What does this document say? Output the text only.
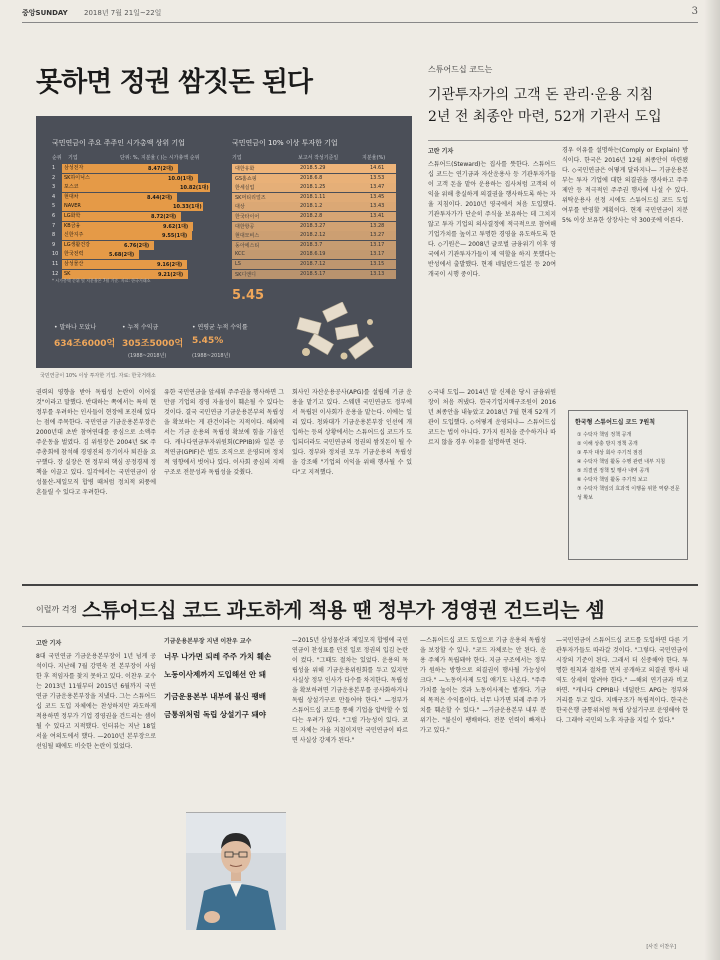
중앙SUNDAY 2018년 7월 21일~22일	3
못하면 정권 쌈짓돈 된다	스튜어드십 코드는
기관투자가의 고객 돈 관리·운용 지침
2년 전 최종안 마련, 52개 기관서 도입
국민연금이 주요 주주인 시가총액 상위 기업
순위 기업	단위: %, 지분율 ( )는 시가총액 순위
1	삼성전자	8.47(2대)
2	SK하이닉스	10.0(1대)
3	포스코	10.82(1대)
4	현대차	8.44(2대)
5	NAVER	10.33(1대)
6	LG화학	8.72(2대)
7	KB금융	9.62(1대)
8	신한지주	9.55(1대)
9	LG생활건강	6.76(2대)
10	한국전력	5.68(2대)
11	삼성물산	9.16(2대)
12	SK	9.21(2대)
* 시가총액 순위 및 지분율은 7월 기준. 자료: 한국거래소
국민연금이 10% 이상 투자한 기업
기업	보고서 작성기준일	지분율(%)
대한유화	2018.5.29	14.61
GS홈쇼핑	2018.6.8	13.53
한세실업	2018.1.25	13.47
SK머티리얼즈	2018.1.11	13.45
대상	2018.1.2	13.43
한국타이어	2018.2.8	13.41
대한항공	2018.3.27	13.28
현대모비스	2018.2.12	13.27
동아에스티	2018.3.7	13.17
KCC	2018.6.19	13.17
LS	2018.7.12	13.15
SK디앤디	2018.5.17	13.13
• 말하나 모았나
634조6000억
• 누적 수익금
305조5000억
(1988~2018년)
• 연평균 누적 수익률
5.45%
(1988~2018년)
5.45
국민연금이 10% 이상 투자한 기업. 자료: 한국거래소
고란 기자
스튜어드(Steward)는 집사를 뜻한다. 스튜어드십 코드는 연기금과 자산운용사 등 기관투자가들이 고객 돈을 맡아 운용하는 집사처럼 고객의 이익을 위해 충실하게 의결권을 행사하도록 하는 자율 지침이다. 2010년 영국에서 처음 도입했다. 기관투자가가 단순히 주식을 보유하는 데 그치지 않고 투자 기업의 의사결정에 적극적으로 참여해 기업가치를 높이고 투명한 경영을 유도하도록 한다. ◇기원은— 2008년 글로벌 금융위기 이후 영국에서 기관투자가들이 제 역할을 하지 못했다는 반성에서 출발했다. 현재 네덜란드·일본 등 20여 개국이 시행 중이다.
경우 이유를 설명하는(Comply or Explain) 방식이다. 한국은 2016년 12월 최종안이 마련됐다. ◇국민연금은 어떻게 달라지나— 기금운용본부는 투자 기업에 대한 의결권을 행사하고 주주제안 등 적극적인 주주권 행사에 나설 수 있다. 위탁운용사 선정 시에도 스튜어드십 코드 도입 여부를 반영할 계획이다. 현재 국민연금이 지분 5% 이상 보유한 상장사는 약 300곳에 이른다.
권력의 영향을 받아 독립성 논란이 이어질 것"이라고 말했다. 반대하는 쪽에서는 특히 현 정부를 우려하는 인사들이 현장에 포진해 있다는 점에 주목한다. 국민연금 기금운용본부장은 2000년대 초반 참여연대를 중심으로 소액주주운동을 벌였다. 김 위원장은 2004년 SK 주주총회에 참석해 경영진의 등기이사 퇴진을 요구했다. 장 실장은 현 정부의 핵심 공정경제 정책을 이끌고 있다. 일각에서는 국민연금이 삼성물산-제일모직 합병 때처럼 정치적 외풍에 흔들릴 수 있다고 우려한다.
유한 국민연금을 앞세워 주주권을 행사하면 그만큼 기업의 경영 자율성이 훼손될 수 있다는 것이다. 결국 국민연금 기금운용본부의 독립성을 확보하는 게 관건이라는 지적이다. 해외에서는 기금 운용의 독립성 확보에 힘을 기울인다. 캐나다연금투자위원회(CPPIB)와 일본 공적연금(GPIF)은 별도 조직으로 운영되며 정치적 영향에서 벗어나 있다. 이사회 중심의 지배구조로 전문성과 독립성을 갖췄다.
회사인 자산운용공사(APG)를 설립해 기금 운용을 맡기고 있다. 스웨덴 국민연금도 정부에서 독립된 이사회가 운용을 맡는다. 이에는 일리 있다. 청와대가 기금운용본부장 인선에 개입하는 등의 상황에서는 스튜어드십 코드가 도입되더라도 국민연금의 정권의 쌈짓돈이 될 수 있다. 정부와 정치권 모두 기금운용의 독립성을 강조해 "기업의 이익을 위해 행사될 수 있다"고 지적했다.
◇국내 도입— 2014년 말 신제윤 당시 금융위원장이 처음 꺼냈다. 한국기업지배구조원이 2016년 최종안을 내놓았고 2018년 7월 현재 52개 기관이 도입했다. ◇어떻게 운영되나— 스튜어드십 코드는 법이 아니다. 7가지 원칙을 준수하거나 따르지 않을 경우 이유를 설명하면 된다.
한국형 스튜어드십 코드 7원칙
① 수탁자 책임 정책 공개
② 이해 상충 방지 정책 공개
③ 투자 대상 회사 주기적 점검
④ 수탁자 책임 활동 수행 관련 내부 지침
⑤ 의결권 정책 및 행사 내역 공개
⑥ 수탁자 책임 활동 주기적 보고
⑦ 수탁자 책임의 효과적 이행을 위한 역량·전문성 확보
이럴까 걱정 스튜어드십 코드 과도하게 적용 땐 정부가 경영권 건드리는 셈
고란 기자
8대 국민연금 기금운용본부장이 1년 넘게 공석이다. 지난해 7월 강면욱 전 본부장이 사임한 후 적임자를 찾지 못하고 있다. 이찬우 교수는 2013년 11월부터 2015년 6월까지 국민연금 기금운용본부장을 지냈다. 그는 스튜어드십 코드 도입 자체에는 찬성하지만 과도하게 적용하면 정부가 기업 경영권을 건드리는 셈이 될 수 있다고 지적했다. 인터뷰는 지난 18일 서울 여의도에서 했다. —2010년 본부장으로 선임될 때에도 비슷한 논란이 있었다.
기금운용본부장 지낸 이찬우 교수
너무 나가면 되레 주주 가치 훼손
노동이사제까지 도입해선 안 돼
기금운용본부 내부에 불신 팽배
금통위처럼 독립 상설기구 돼야
—2015년 삼성물산과 제일모직 합병에 국민연금이 찬성표를 던진 일로 정권의 입김 논란이 컸다. "그때도 절차는 있었다. 운용의 독립성을 위해 기금운용위원회를 두고 있지만 사실상 정부 인사가 다수를 차지한다. 독립성을 확보하려면 기금운용본부를 공사화하거나 독립 상설기구로 만들어야 한다." —정부가 스튜어드십 코드를 통해 기업을 압박할 수 있다는 우려가 있다. "그럴 가능성이 있다. 코드 자체는 자율 지침이지만 국민연금이 따르면 사실상 강제가 된다."
—스튜어드십 코드 도입으로 기금 운용의 독립성을 보장할 수 있나. "코드 자체로는 안 된다. 운용 주체가 독립돼야 한다. 지금 구조에서는 정부가 원하는 방향으로 의결권이 행사될 가능성이 크다." —노동이사제 도입 얘기도 나온다. "주주 가치를 높이는 것과 노동이사제는 별개다. 기금의 목적은 수익률이다. 너무 나가면 되레 주주 가치를 훼손할 수 있다." —기금운용본부 내부 분위기는. "불신이 팽배하다. 전문 인력이 빠져나가고 있다."
—국민연금이 스튜어드십 코드를 도입하면 다른 기관투자가들도 따라갈 것이다. "그렇다. 국민연금이 시장의 기준이 된다. 그래서 더 신중해야 한다. 투명한 원칙과 절차를 먼저 공개하고 의결권 행사 내역도 상세히 알려야 한다." —해외 연기금과 비교하면. "캐나다 CPPIB나 네덜란드 APG는 정부와 거리를 두고 있다. 지배구조가 독립적이다. 한국은 한국은행 금통위처럼 독립 상설기구로 운영해야 한다. 그래야 국민의 노후 자금을 지킬 수 있다."
[사진 이찬우]
